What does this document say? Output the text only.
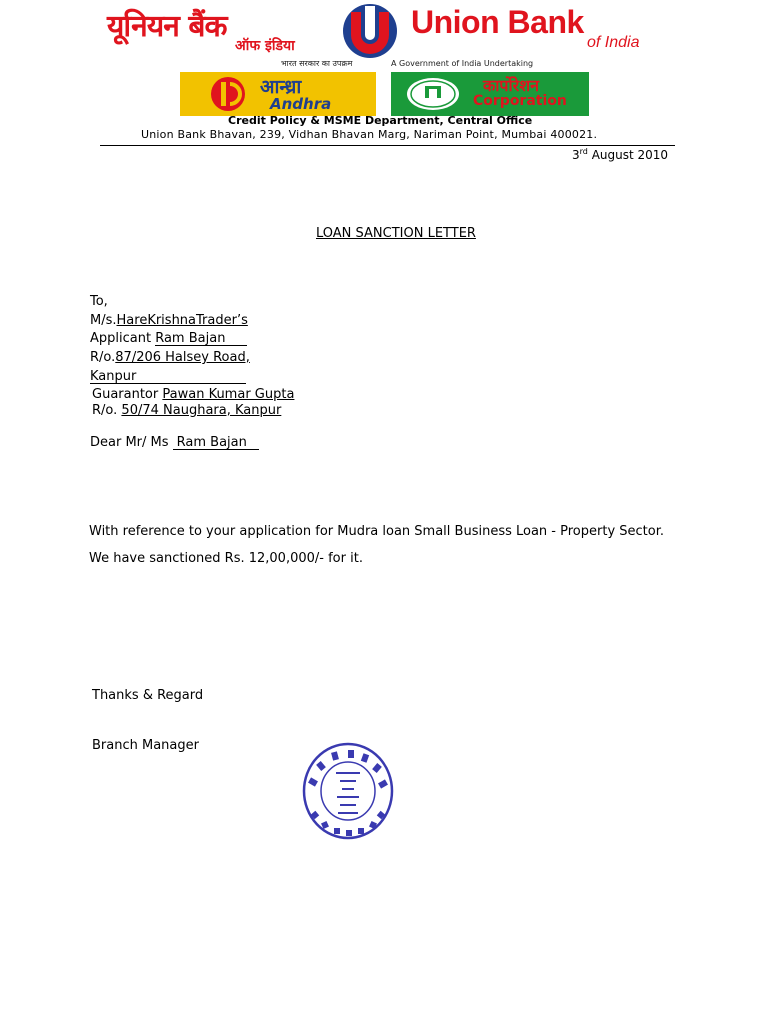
यूनियन बैंक
ऑफ इंडिया
Union Bank
of India
भारत सरकार का उपक्रम	A Government of India Undertaking
आन्ध्रा
Andhra
कार्पोरेशन
Corporation
Credit Policy & MSME Department, Central Office
Union Bank Bhavan, 239, Vidhan Bhavan Marg, Nariman Point, Mumbai 400021.
3rd August 2010
LOAN SANCTION LETTER
To,
M/s.HareKrishnaTrader’s
Applicant Ram Bajan
R/o.87/206 Halsey Road,
Kanpur
Guarantor Pawan Kumar Gupta
R/o. 50/74 Naughara, Kanpur
Dear Mr/ Ms Ram Bajan
With reference to your application for Mudra loan Small Business Loan - Property Sector.
We have sanctioned Rs. 12,00,000/- for it.
Thanks & Regard
Branch Manager
